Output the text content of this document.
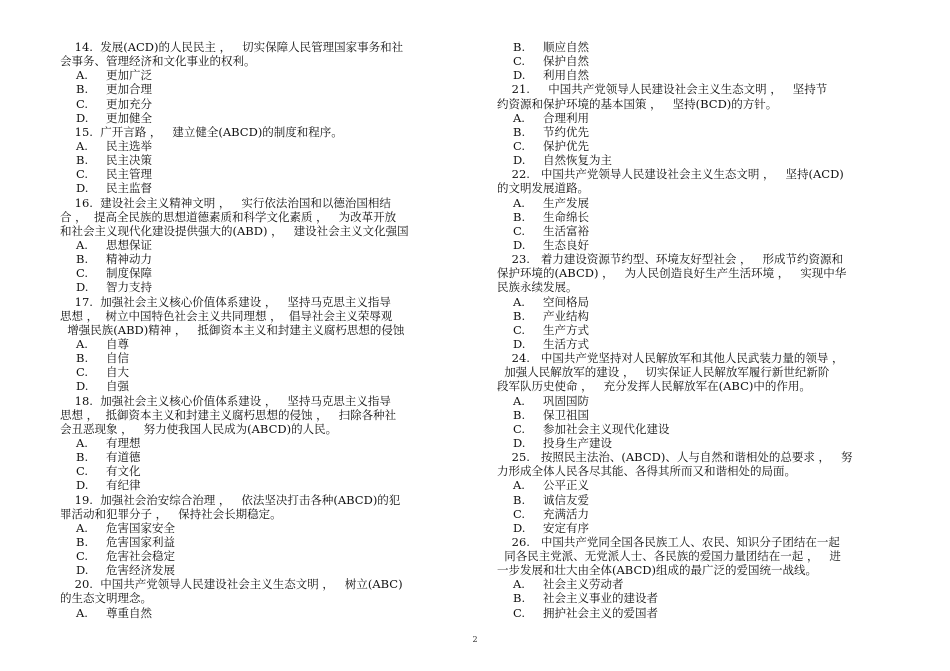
14.  发展(ACD)的人民民主 ，   切实保障人民管理国家事务和社
会事务、管理经济和文化事业的权利。
A. 更加广泛
B. 更加合理
C. 更加充分
D. 更加健全
15.  广开言路 ，   建立健全(ABCD)的制度和程序。
A. 民主选举
B. 民主决策
C. 民主管理
D. 民主监督
16.  建设社会主义精神文明 ，   实行依法治国和以德治国相结
合 ，  提高全民族的思想道德素质和科学文化素质 ，   为改革开放
和社会主义现代化建设提供强大的(ABD) ，   建设社会主义文化强国
A. 思想保证
B. 精神动力
C. 制度保障
D. 智力支持
17.  加强社会主义核心价值体系建设 ，   坚持马克思主义指导
思想 ，  树立中国特色社会主义共同理想 ，  倡导社会主义荣辱观
增强民族(ABD)精神 ，   抵御资本主义和封建主义腐朽思想的侵蚀
A. 自尊
B. 自信
C. 自大
D. 自强
18.  加强社会主义核心价值体系建设 ，   坚持马克思主义指导
思想 ，  抵御资本主义和封建主义腐朽思想的侵蚀 ，   扫除各种社
会丑恶现象 ，   努力使我国人民成为(ABCD)的人民。
A. 有理想
B. 有道德
C. 有文化
D. 有纪律
19.  加强社会治安综合治理 ，   依法坚决打击各种(ABCD)的犯
罪活动和犯罪分子 ，   保持社会长期稳定。
A. 危害国家安全
B. 危害国家利益
C. 危害社会稳定
D. 危害经济发展
20.  中国共产党领导人民建设社会主义生态文明 ，   树立(ABC)
的生态文明理念。
A. 尊重自然
B. 顺应自然
C. 保护自然
D. 利用自然
21.     中国共产党领导人民建设社会主义生态文明 ，   坚持节
约资源和保护环境的基本国策 ，   坚持(BCD)的方针。
A. 合理利用
B. 节约优先
C. 保护优先
D. 自然恢复为主
22.   中国共产党领导人民建设社会主义生态文明 ，   坚持(ACD)
的文明发展道路。
A. 生产发展
B. 生命绵长
C. 生活富裕
D. 生态良好
23.   着力建设资源节约型、环境友好型社会 ，   形成节约资源和
保护环境的(ABCD) ，   为人民创造良好生产生活环境 ，   实现中华
民族永续发展。
A. 空间格局
B. 产业结构
C. 生产方式
D. 生活方式
24.   中国共产党坚持对人民解放军和其他人民武装力量的领导 ，
加强人民解放军的建设 ，   切实保证人民解放军履行新世纪新阶
段军队历史使命 ，   充分发挥人民解放军在(ABC)中的作用。
A. 巩固国防
B. 保卫祖国
C. 参加社会主义现代化建设
D. 投身生产建设
25.   按照民主法治、(ABCD)、人与自然和谐相处的总要求 ，   努
力形成全体人民各尽其能、各得其所而又和谐相处的局面。
A. 公平正义
B. 诚信友爱
C. 充满活力
D. 安定有序
26.   中国共产党同全国各民族工人、农民、知识分子团结在一起
同各民主党派、无党派人士、各民族的爱国力量团结在一起 ，   进
一步发展和壮大由全体(ABCD)组成的最广泛的爱国统一战线。
A. 社会主义劳动者
B. 社会主义事业的建设者
C. 拥护社会主义的爱国者
2
